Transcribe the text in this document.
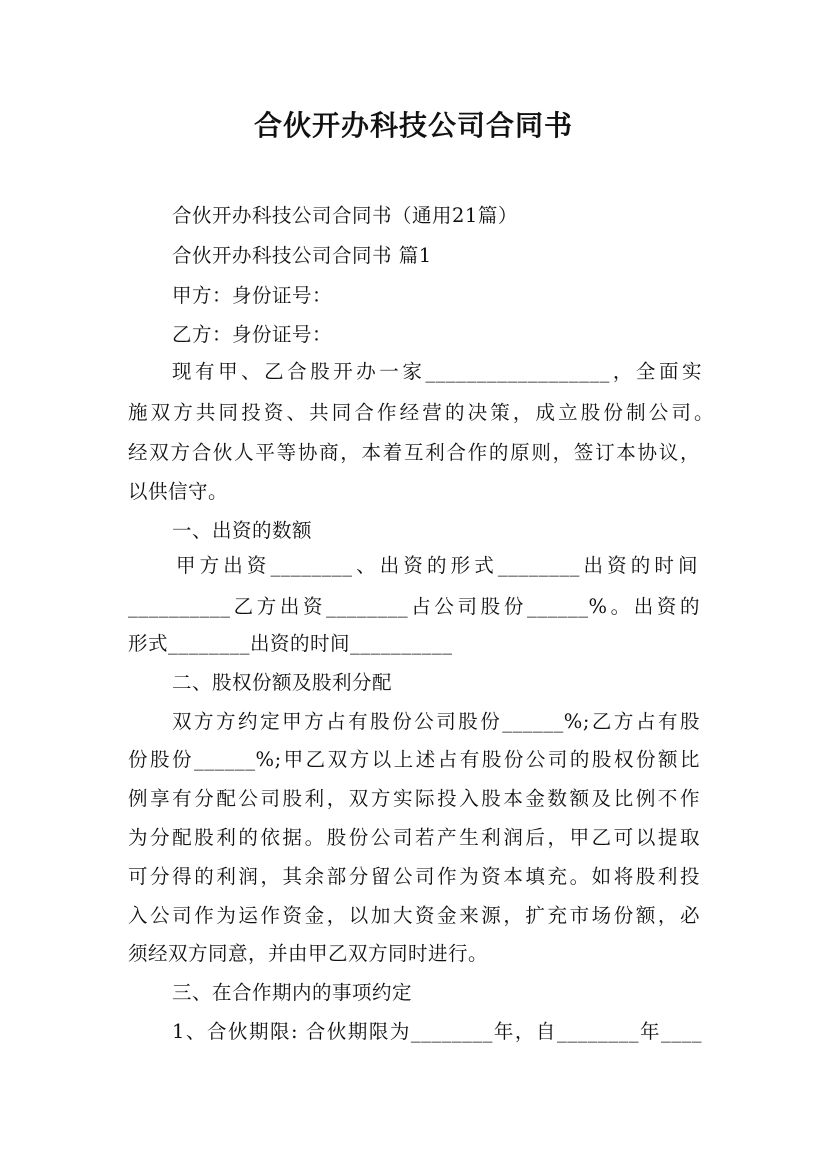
合伙开办科技公司合同书
合伙开办科技公司合同书（通用21篇）
合伙开办科技公司合同书 篇1
甲方：身份证号：
乙方：身份证号：
现有甲、乙合股开办一家__________________，全面实
施双方共同投资、共同合作经营的决策，成立股份制公司。
经双方合伙人平等协商，本着互利合作的原则，签订本协议，
以供信守。
一、出资的数额
甲方出资________、出资的形式________出资的时间
__________乙方出资________占公司股份______%。出资的
形式________出资的时间__________
二、股权份额及股利分配
双方方约定甲方占有股份公司股份______%;乙方占有股
份股份______%;甲乙双方以上述占有股份公司的股权份额比
例享有分配公司股利，双方实际投入股本金数额及比例不作
为分配股利的依据。股份公司若产生利润后，甲乙可以提取
可分得的利润，其余部分留公司作为资本填充。如将股利投
入公司作为运作资金，以加大资金来源，扩充市场份额，必
须经双方同意，并由甲乙双方同时进行。
三、在合作期内的事项约定
1、合伙期限: 合伙期限为________年，自________年____
